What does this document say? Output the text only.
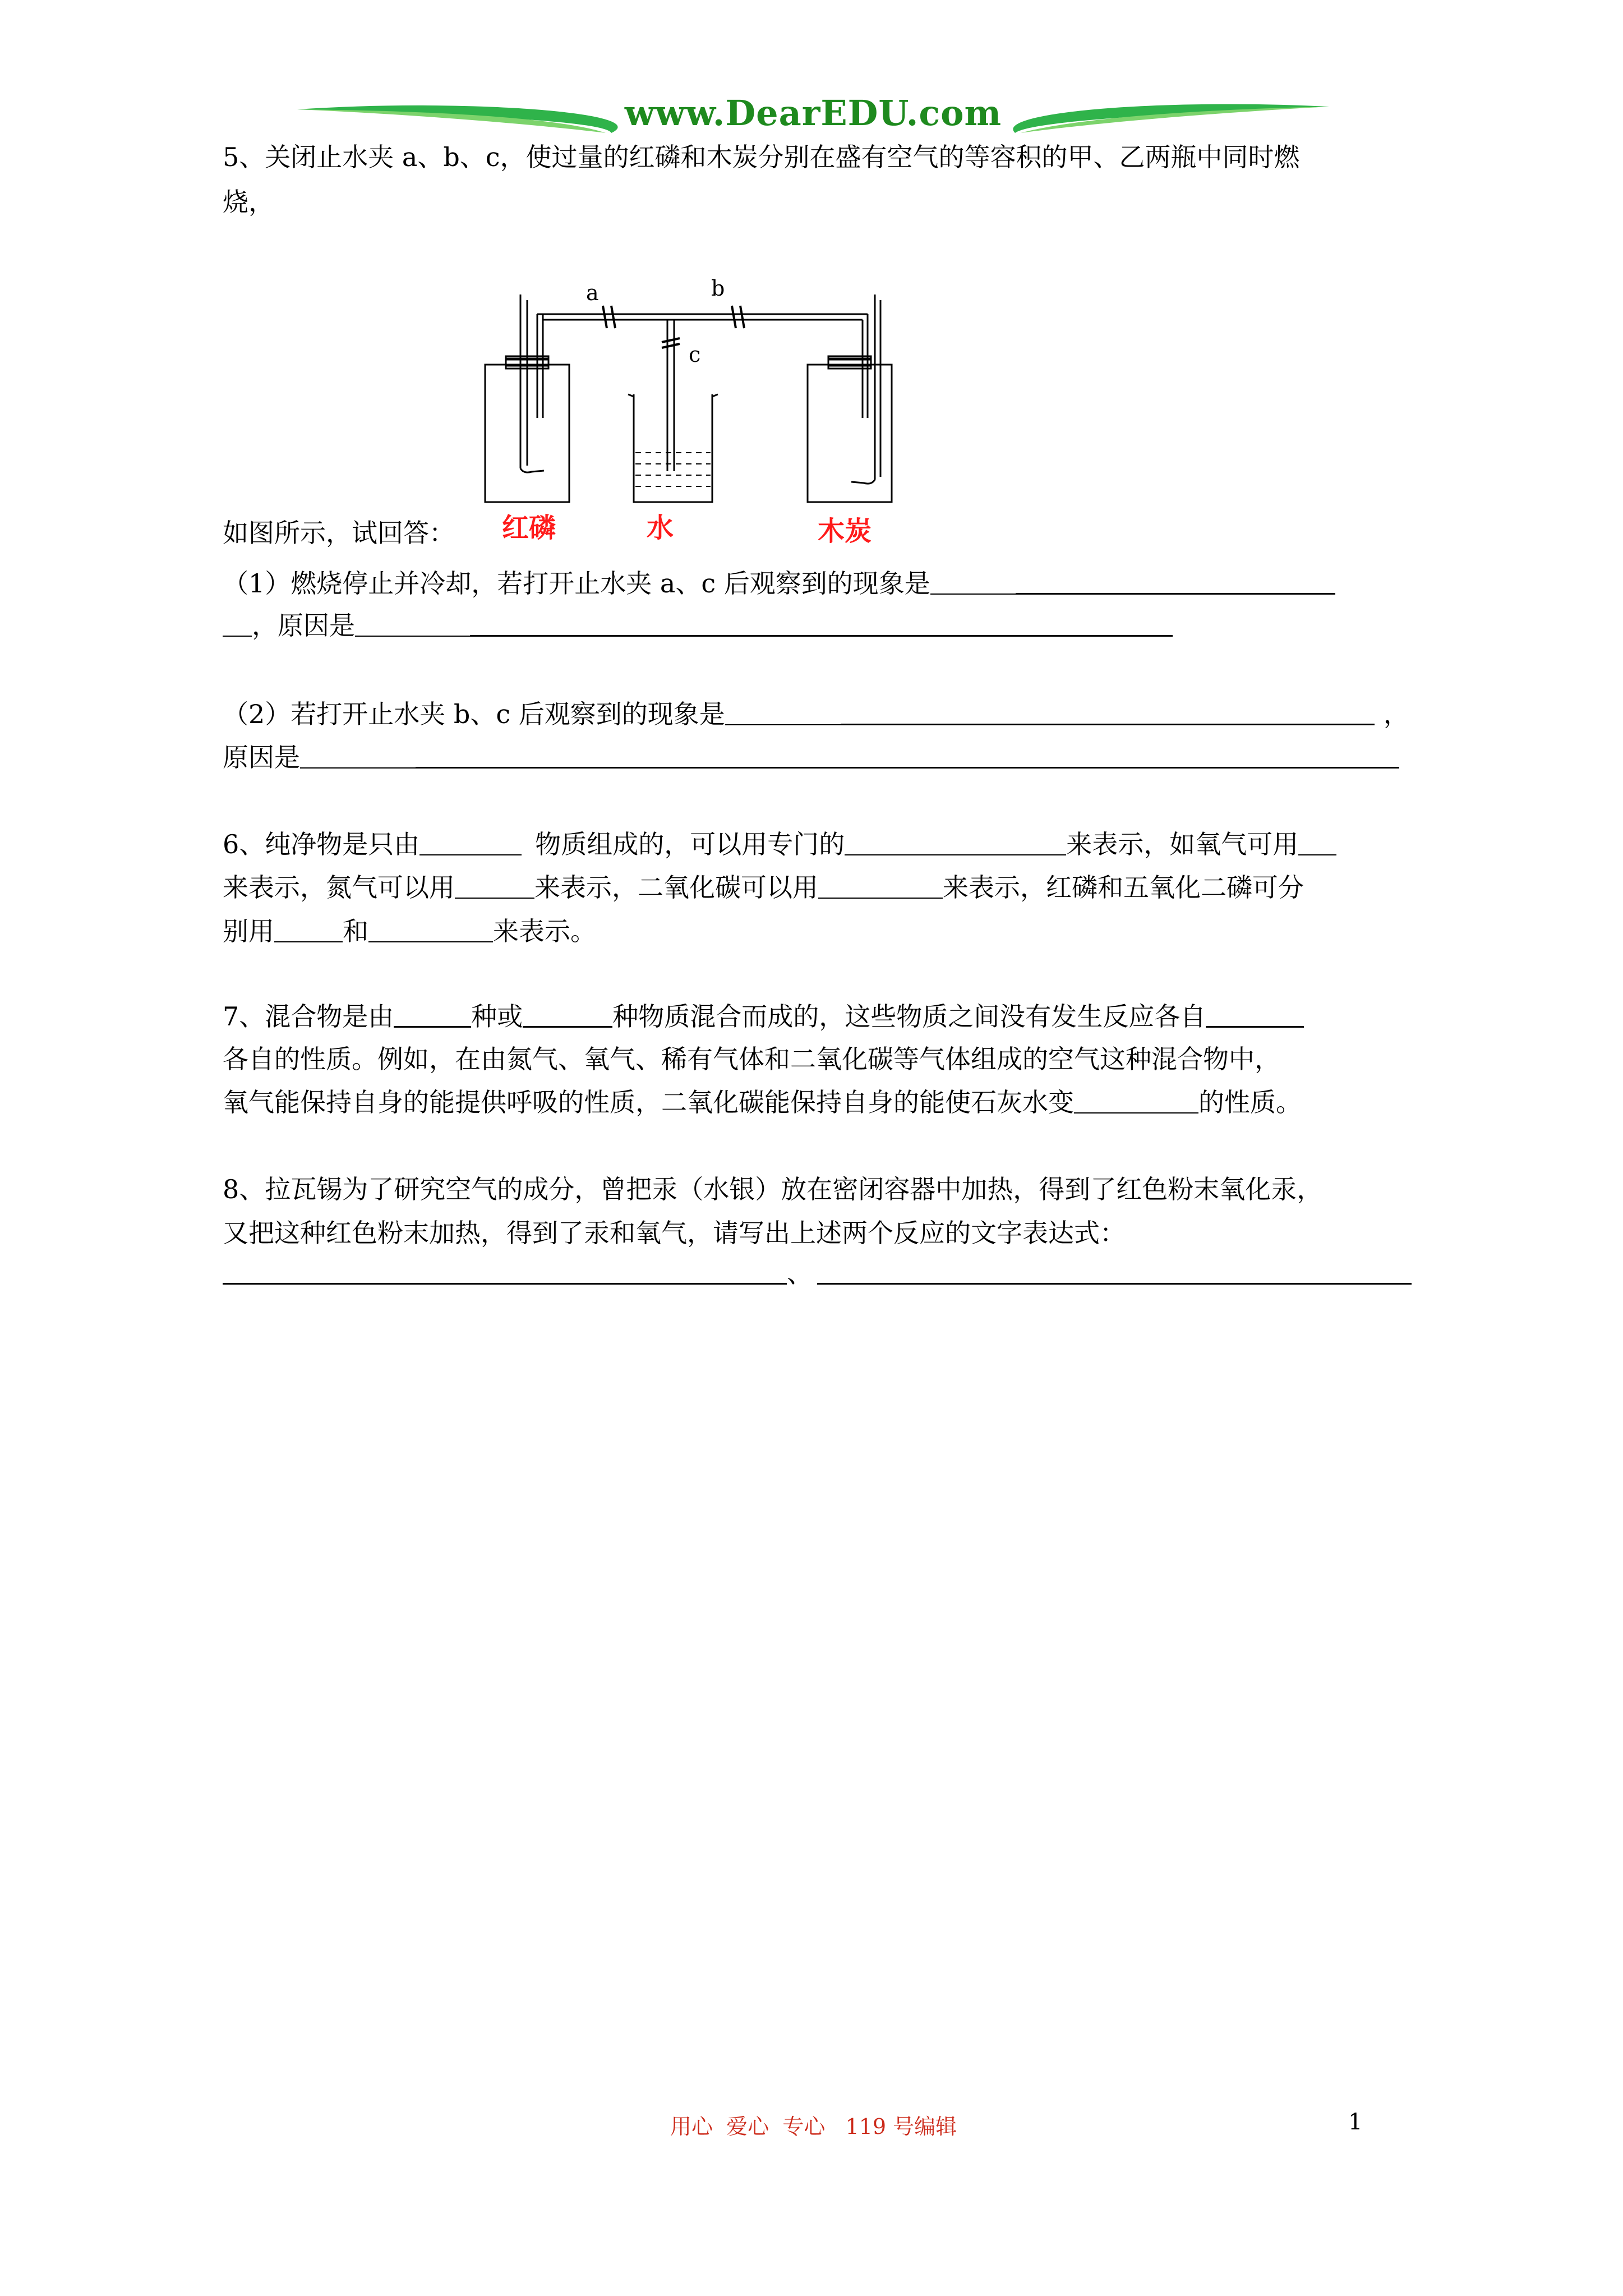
www.DearEDU.com
5、关闭止水夹 a、b、c，使过量的红磷和木炭分别在盛有空气的等容积的甲、乙两瓶中同时燃
烧，
a	b
c
如图所示，试回答： 红磷	水	木炭
（1）燃烧停止并冷却，若打开止水夹 a、c 后观察到的现象是
，原因是
（2）若打开止水夹 b、c 后观察到的现象是	，
原因是
6、纯净物是只由	物质组成的，可以用专门的	来表示，如氧气可用
来表示，氮气可以用	来表示，二氧化碳可以用	来表示，红磷和五氧化二磷可分
别用	和	来表示。
7、混合物是由	种或	种物质混合而成的，这些物质之间没有发生反应各自
各自的性质。例如，在由氮气、氧气、稀有气体和二氧化碳等气体组成的空气这种混合物中，
氧气能保持自身的能提供呼吸的性质，二氧化碳能保持自身的能使石灰水变	的性质。
8、拉瓦锡为了研究空气的成分，曾把汞（水银）放在密闭容器中加热，得到了红色粉末氧化汞，
又把这种红色粉末加热，得到了汞和氧气，请写出上述两个反应的文字表达式：
、
用心  爱心  专心   119 号编辑	1
